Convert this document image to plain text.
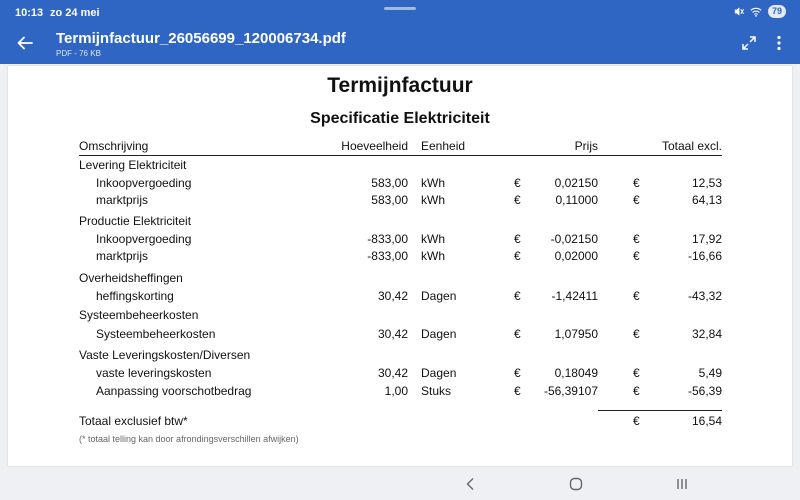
10:13 zo 24 mei	79
Termijnfactuur_26056699_120006734.pdf
PDF - 76 KB
Termijnfactuur
Specificatie Elektriciteit
Omschrijving	Hoeveelheid Eenheid	Prijs	Totaal excl.
Levering Elektriciteit
Inkoopvergoeding	583,00 kWh	€	0,02150	€	12,53
marktprijs	583,00 kWh	€	0,11000	€	64,13
Productie Elektriciteit
Inkoopvergoeding	-833,00 kWh	€	-0,02150	€	17,92
marktprijs	-833,00 kWh	€	0,02000	€	-16,66
Overheidsheffingen
heffingskorting	30,42 Dagen	€	-1,42411	€	-43,32
Systeembeheerkosten
Systeembeheerkosten	30,42 Dagen	€	1,07950	€	32,84
Vaste Leveringskosten/Diversen
vaste leveringskosten	30,42 Dagen	€	0,18049	€	5,49
Aanpassing voorschotbedrag	1,00 Stuks	€	-56,39107	€	-56,39
Totaal exclusief btw*	€	16,54
(* totaal telling kan door afrondingsverschillen afwijken)
